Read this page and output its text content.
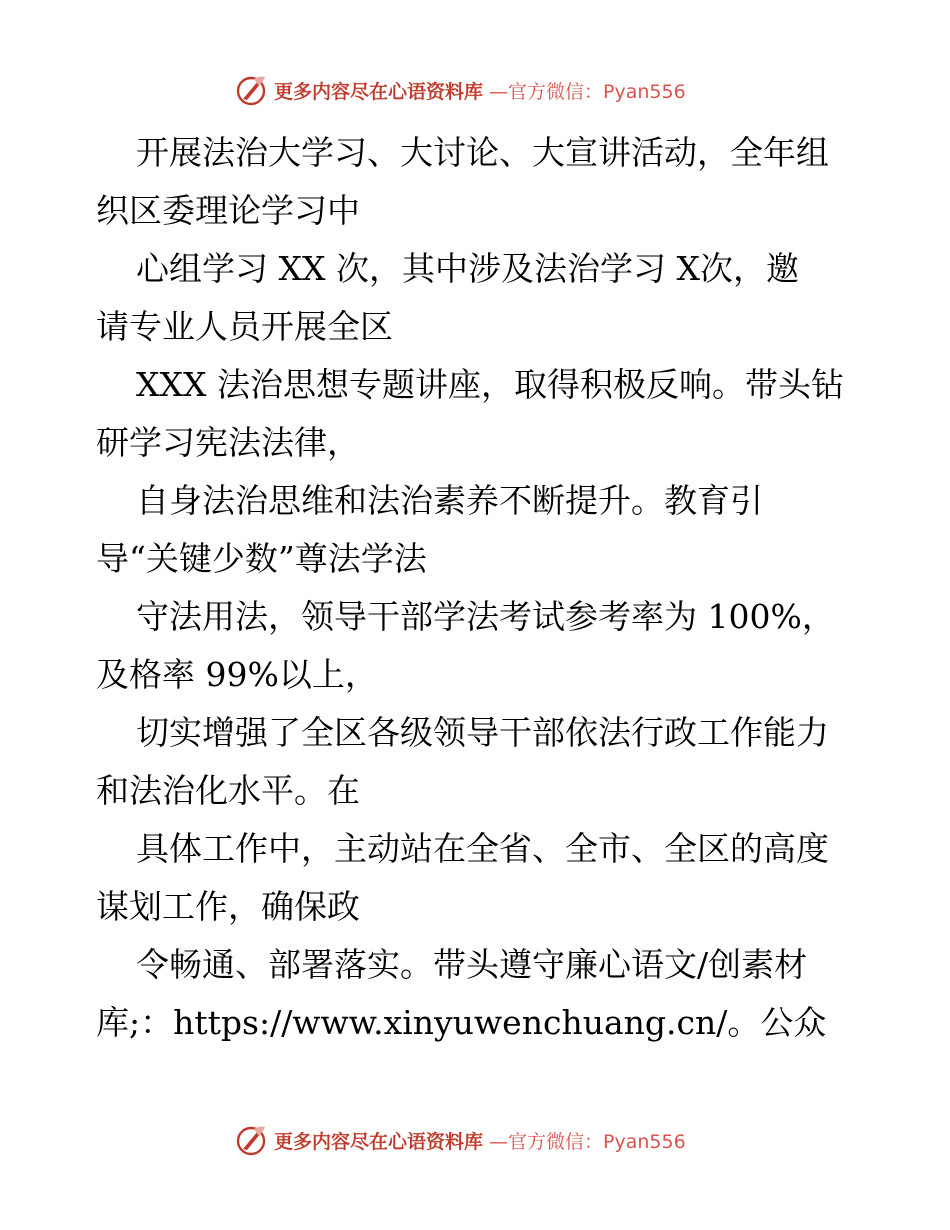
更多内容尽在心语资料库 —官方微信：Pyan556
开展法治大学习、大讨论、大宣讲活动，全年组
织区委理论学习中
心组学习 XX 次，其中涉及法治学习 X次，邀
请专业人员开展全区
XXX 法治思想专题讲座，取得积极反响。带头钻
研学习宪法法律，
自身法治思维和法治素养不断提升。教育引
导“关键少数”尊法学法
守法用法，领导干部学法考试参考率为 100%，
及格率 99%以上，
切实增强了全区各级领导干部依法行政工作能力
和法治化水平。在
具体工作中，主动站在全省、全市、全区的高度
谋划工作，确保政
令畅通、部署落实。带头遵守廉心语文/创素材
库;：https://www.xinyuwenchuang.cn/。公众
更多内容尽在心语资料库 —官方微信：Pyan556
